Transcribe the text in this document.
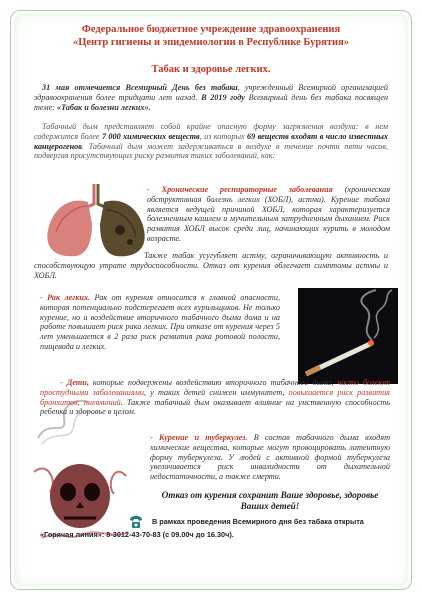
Федеральное бюджетное учреждение здравоохранения
«Центр гигиены и эпидемиологии в Республике Бурятия»
Табак и здоровье легких.
31 мая отмечается Всемирный День без табака, учрежденный Всемирной организацией здравоохранения более тридцати лет назад. В 2019 году Всемирный день без табака посвящен теме: «Табак и болезни легких».
Табачный дым представляет собой крайне опасную форму загрязнения воздуха: в нем содержится более 7 000 химических веществ, из которых 69 веществ входят в число известных канцерогенов. Табачный дым может задерживаться в воздухе в течение почти пяти часов, подвергая присутствующих риску развития таких заболеваний, как:
- Хронические респираторные заболевания (хроническая обструктивная болезнь легких (ХОБЛ), астма). Курение табака является ведущей причиной ХОБЛ, которая характеризуется болезненным кашлем и мучительным затрудненным дыханием. Риск развития ХОБЛ высок среди лиц, начинающих курить в молодом возрасте.
Также табак усугубляет астму, ограничивающую активность и способствующую утрате трудоспособности. Отказ от курения облегчает симптомы астмы и ХОБЛ.
- Рак легких. Рак от курения относится к главной опасности, которая потенциально подстерегает всех курильщиков. Не только курение, но и воздействие вторичного табачного дыма дома и на работе повышает риск рака легких. При отказе от курения через 5 лет уменьшается в 2 раза риск развития рака ротовой полости, пищевода и легких.
- Дети, которые подвержены воздействию вторичного табачного дыма, часто болеют простудными заболеваниями, у таких детей снижен иммунитет, повышается риск развития бронхитов, пневмоний. Также табачный дым оказывает влияние на умственную способность ребенка и здоровье в целом.
- Курение и туберкулез. В состав табачного дыма входят химические вещества, которые могут провоцировать латентную форму туберкулеза. У людей с активной формой туберкулеза увеличивается риск инвалидности от дыхательной недостаточности, а также смерти.
Отказ от курения сохранит Ваше здоровье, здоровье
Ваших детей!
В рамках проведения Всемирного дня без табака открыта
«Горячая линия»: 8-3012-43-70-83 (с 09.00ч до 16.30ч).
